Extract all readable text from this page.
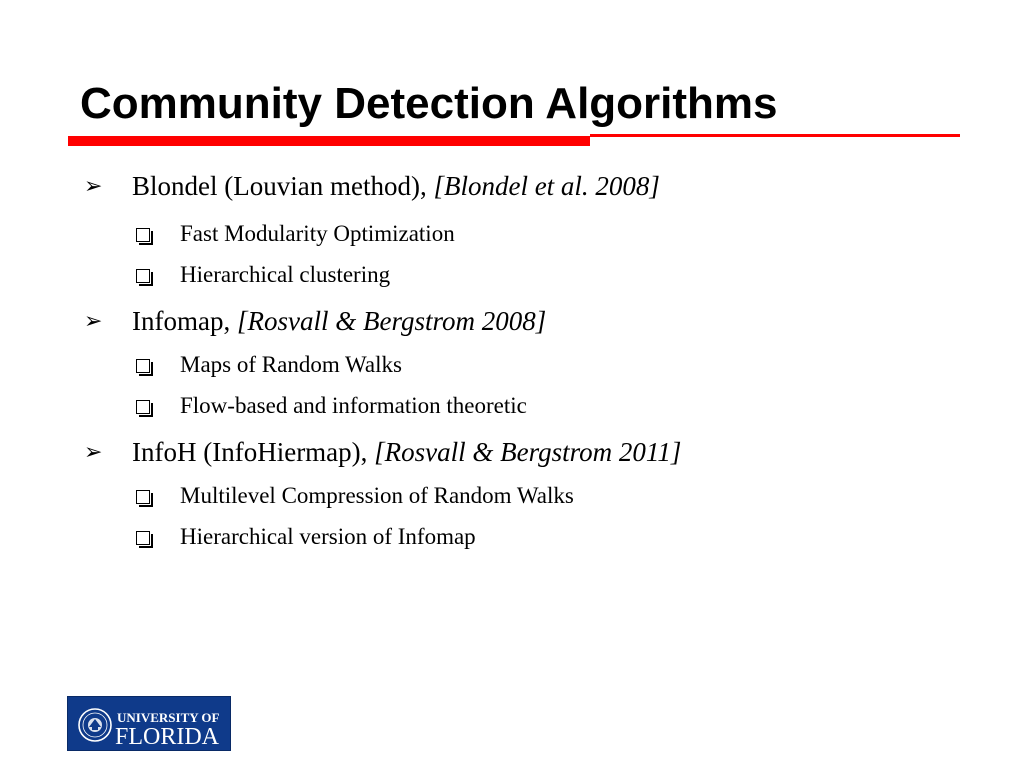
Community Detection Algorithms
➢ Blondel (Louvian method), [Blondel et al. 2008]
Fast Modularity Optimization
Hierarchical clustering
➢ Infomap, [Rosvall & Bergstrom 2008]
Maps of Random Walks
Flow-based and information theoretic
➢ InfoH (InfoHiermap), [Rosvall & Bergstrom 2011]
Multilevel Compression of Random Walks
Hierarchical version of Infomap
UNIVERSITY OF
FLORIDA
